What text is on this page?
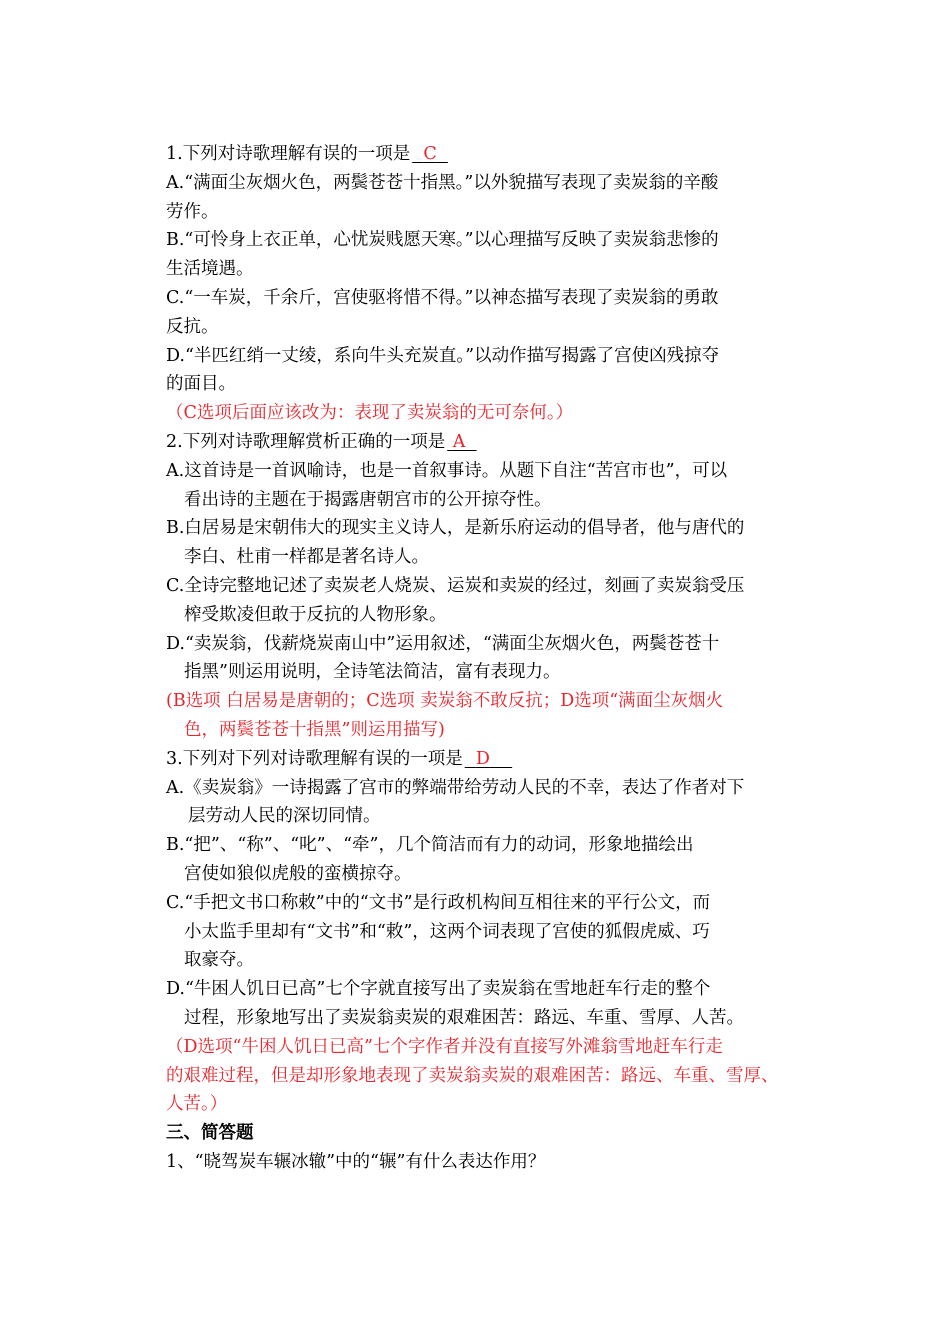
1.下列对诗歌理解有误的一项是 C
A.“满面尘灰烟火色，两鬓苍苍十指黑。”以外貌描写表现了卖炭翁的辛酸
劳作。
B.“可怜身上衣正单，心忧炭贱愿天寒。”以心理描写反映了卖炭翁悲惨的
生活境遇。
C.“一车炭，千余斤，宫使驱将惜不得。”以神态描写表现了卖炭翁的勇敢
反抗。
D.“半匹红绡一丈绫，系向牛头充炭直。”以动作描写揭露了宫使凶残掠夺
的面目。
（C选项后面应该改为：表现了卖炭翁的无可奈何。）
2.下列对诗歌理解赏析正确的一项是 A
A.这首诗是一首讽喻诗，也是一首叙事诗。从题下自注“苦宫市也”，可以
看出诗的主题在于揭露唐朝宫市的公开掠夺性。
B.白居易是宋朝伟大的现实主义诗人，是新乐府运动的倡导者，他与唐代的
李白、杜甫一样都是著名诗人。
C.全诗完整地记述了卖炭老人烧炭、运炭和卖炭的经过，刻画了卖炭翁受压
榨受欺凌但敢于反抗的人物形象。
D.“卖炭翁，伐薪烧炭南山中”运用叙述，“满面尘灰烟火色，两鬓苍苍十
指黑”则运用说明，全诗笔法简洁，富有表现力。
(B选项 白居易是唐朝的；C选项 卖炭翁不敢反抗；D选项“满面尘灰烟火
色，两鬓苍苍十指黑”则运用描写)
3.下列对下列对诗歌理解有误的一项是 D
A.《卖炭翁》一诗揭露了宫市的弊端带给劳动人民的不幸，表达了作者对下
层劳动人民的深切同情。
B.“把”、“称”、“叱”、“牵”，几个简洁而有力的动词，形象地描绘出
宫使如狼似虎般的蛮横掠夺。
C.“手把文书口称敕”中的“文书”是行政机构间互相往来的平行公文，而
小太监手里却有“文书”和“敕”，这两个词表现了宫使的狐假虎威、巧
取豪夺。
D.“牛困人饥日已高”七个字就直接写出了卖炭翁在雪地赶车行走的整个
过程，形象地写出了卖炭翁卖炭的艰难困苦：路远、车重、雪厚、人苦。
（D选项“牛困人饥日已高”七个字作者并没有直接写外滩翁雪地赶车行走
的艰难过程，但是却形象地表现了卖炭翁卖炭的艰难困苦：路远、车重、雪厚、
人苦。）
三、简答题
1、“晓驾炭车辗冰辙”中的“辗”有什么表达作用？
